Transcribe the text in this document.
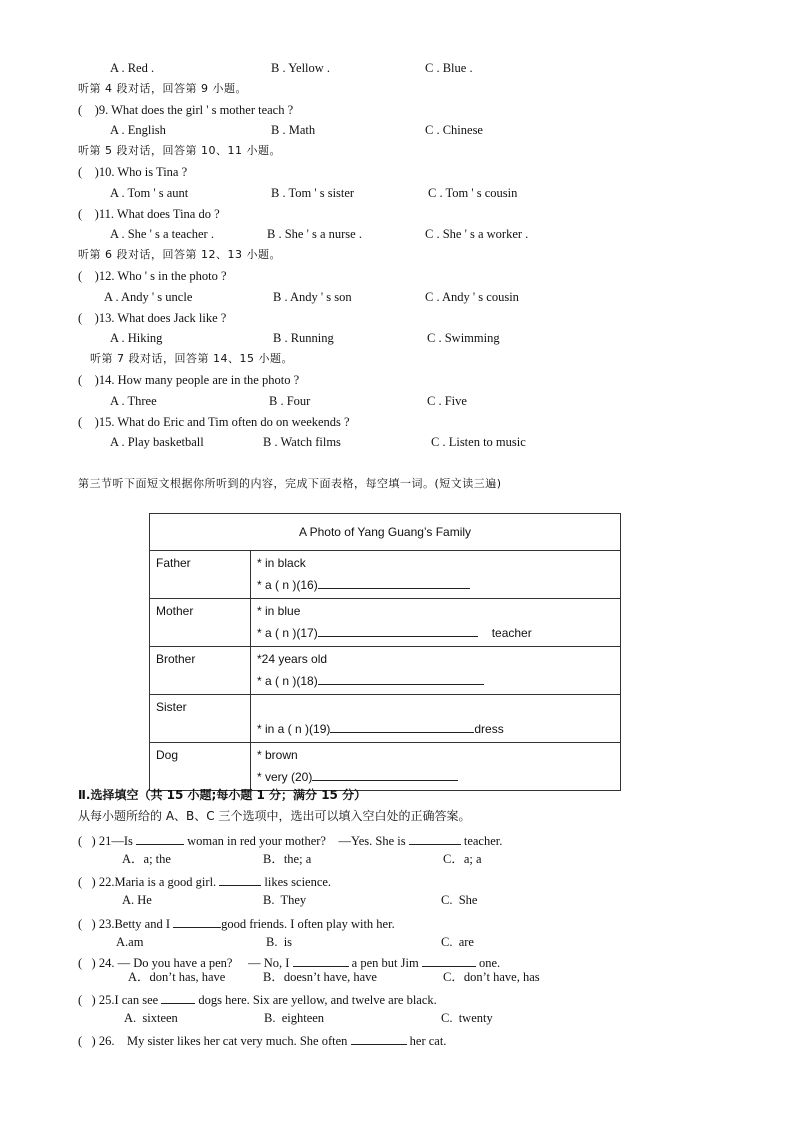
A . Red .	B . Yellow .	C . Blue .
听第 4 段对话，回答第 9 小题。
(    )9. What does the girl ' s mother teach ?
A . English	B . Math	C . Chinese
听第 5 段对话，回答第 10、11 小题。
(    )10. Who is Tina ?
A . Tom ' s aunt	B . Tom ' s sister	C . Tom ' s cousin
(    )11. What does Tina do ?
A . She ' s a teacher .	B . She ' s a nurse .	C . She ' s a worker .
听第 6 段对话，回答第 12、13 小题。
(    )12. Who ' s in the photo ?
A . Andy ' s uncle	B . Andy ' s son	C . Andy ' s cousin
(    )13. What does Jack like ?
A . Hiking	B . Running	C . Swimming
听第 7 段对话，回答第 14、15 小题。
(    )14. How many people are in the photo ?
A . Three	B . Four	C . Five
(    )15. What do Eric and Tim often do on weekends ?
A . Play basketball	B . Watch films	C . Listen to music
第三节听下面短文根据你所听到的内容，完成下面表格，每空填一词。(短文读三遍)
A Photo of Yang Guang’s Family	
Father	* in black
* a ( n )(16)

Mother	* in blue
* a ( n )(17) teacher

Brother	*24 years old
* a ( n )(18)

Sister	* in a ( n )(19) dress

Dog	* brown
* very (20)
Ⅱ.选择填空（共 15 小题;每小题 1 分；满分 15 分）
从每小题所给的 A、B、C 三个选项中，选出可以填入空白处的正确答案。
(   ) 21—Is	woman in red your mother?    —Yes. She is	teacher.
A．a; the	B．the; a	C．a; a
(   ) 22.Maria is a good girl.	likes science.
A. He	B.  They	C.  She
(   ) 23.Betty and I	good friends. I often play with her.
A.am	B.  is	C.  are
(   ) 24. — Do you have a pen?     — No, I	a pen but Jim	one.
A．don’t has, have	B．doesn’t have, have	C．don’t have, has
(   ) 25.I can see	dogs here. Six are yellow, and twelve are black.
A.  sixteen	B.  eighteen	C.  twenty
(   ) 26.    My sister likes her cat very much. She often	her cat.
